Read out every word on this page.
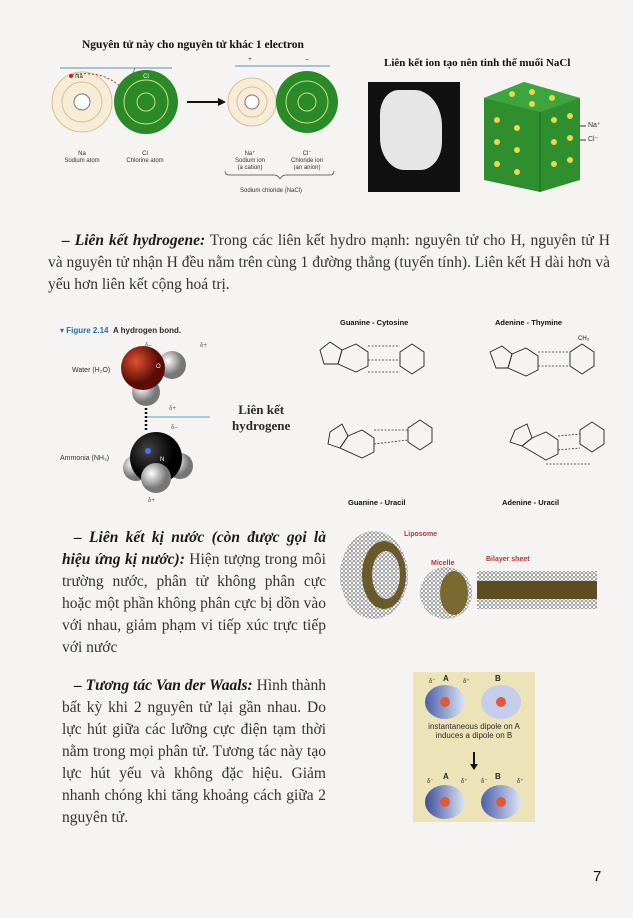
Nguyên tử này cho nguyên tử khác 1 electron
Na	Cl
+	–
Na
Sodium atom
Cl
Chlorine atom
Na⁺
Sodium ion
(a cation)
Cl⁻
Chloride ion
(an anion)
Sodium chloride (NaCl)
Liên kết ion tạo nên tinh thể muối NaCl
Na⁺
Cl⁻

– Liên kết hydrogene: Trong các liên kết hydro mạnh: nguyên tử cho H, nguyên tử H và nguyên tử nhận H đều nằm trên cùng 1 đường thẳng (tuyến tính). Liên kết H dài hơn và yếu hơn liên kết cộng hoá trị.

▾ Figure 2.14 A hydrogen bond.
Water (H₂O)
Ammonia (NH₃)
δ–	δ+
δ+
δ–
δ+
O
N
Liên kết
hydrogene
Guanine - Cytosine	Adenine - Thymine
Guanine - Uracil	Adenine - Uracil
CH₃

– Liên kết kị nước (còn được gọi là hiệu ứng kị nước): Hiện tượng trong môi trường nước, phân tử không phân cực hoặc một phần không phân cực bị dồn vào với nhau, giảm phạm vi tiếp xúc trực tiếp với nước

Liposome
Micelle
Bilayer sheet

– Tương tác Van der Waals: Hình thành bất kỳ khi 2 nguyên tử lại gần nhau. Do lực hút giữa các lưỡng cực điện tạm thời nằm trong mọi phân tử. Tương tác này tạo lực hút yếu và không đặc hiệu. Giảm nhanh chóng khi tăng khoảng cách giữa 2 nguyên tử.

A	B
δ⁻	δ⁺
instantaneous dipole on A induces a dipole on B
A	B
δ⁻	δ⁺ δ⁻	δ⁺
7
